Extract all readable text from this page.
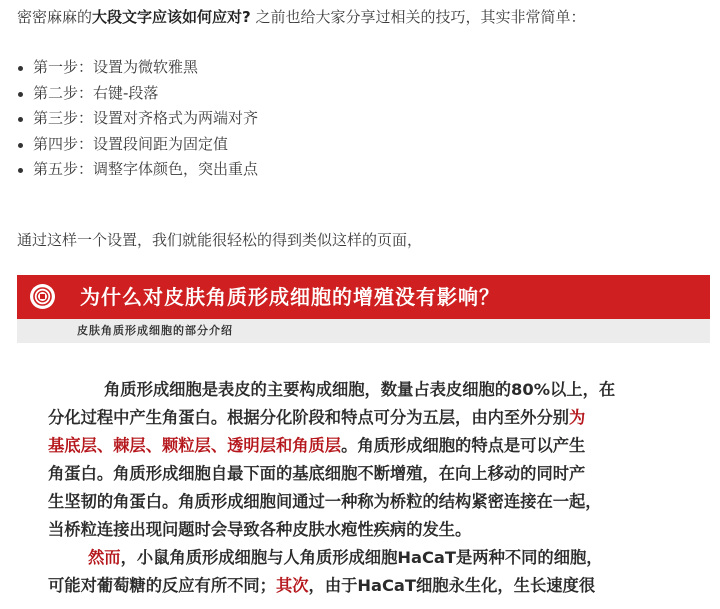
密密麻麻的大段文字应该如何应对? 之前也给大家分享过相关的技巧，其实非常简单：
第一步：设置为微软雅黑
第二步：右键-段落
第三步：设置对齐格式为两端对齐
第四步：设置段间距为固定值
第五步：调整字体颜色，突出重点
通过这样一个设置，我们就能很轻松的得到类似这样的页面，
为什么对皮肤角质形成细胞的增殖没有影响？
皮肤角质形成细胞的部分介绍

角质形成细胞是表皮的主要构成细胞，数量占表皮细胞的80%以上，在

分化过程中产生角蛋白。根据分化阶段和特点可分为五层，由内至外分别为

基底层、棘层、颗粒层、透明层和角质层。角质形成细胞的特点是可以产生

角蛋白。角质形成细胞自最下面的基底细胞不断增殖，在向上移动的同时产

生坚韧的角蛋白。角质形成细胞间通过一种称为桥粒的结构紧密连接在一起，

当桥粒连接出现问题时会导致各种皮肤水疱性疾病的发生。

然而，小鼠角质形成细胞与人角质形成细胞HaCaT是两种不同的细胞，

可能对葡萄糖的反应有所不同；其次，由于HaCaT细胞永生化，生长速度很
